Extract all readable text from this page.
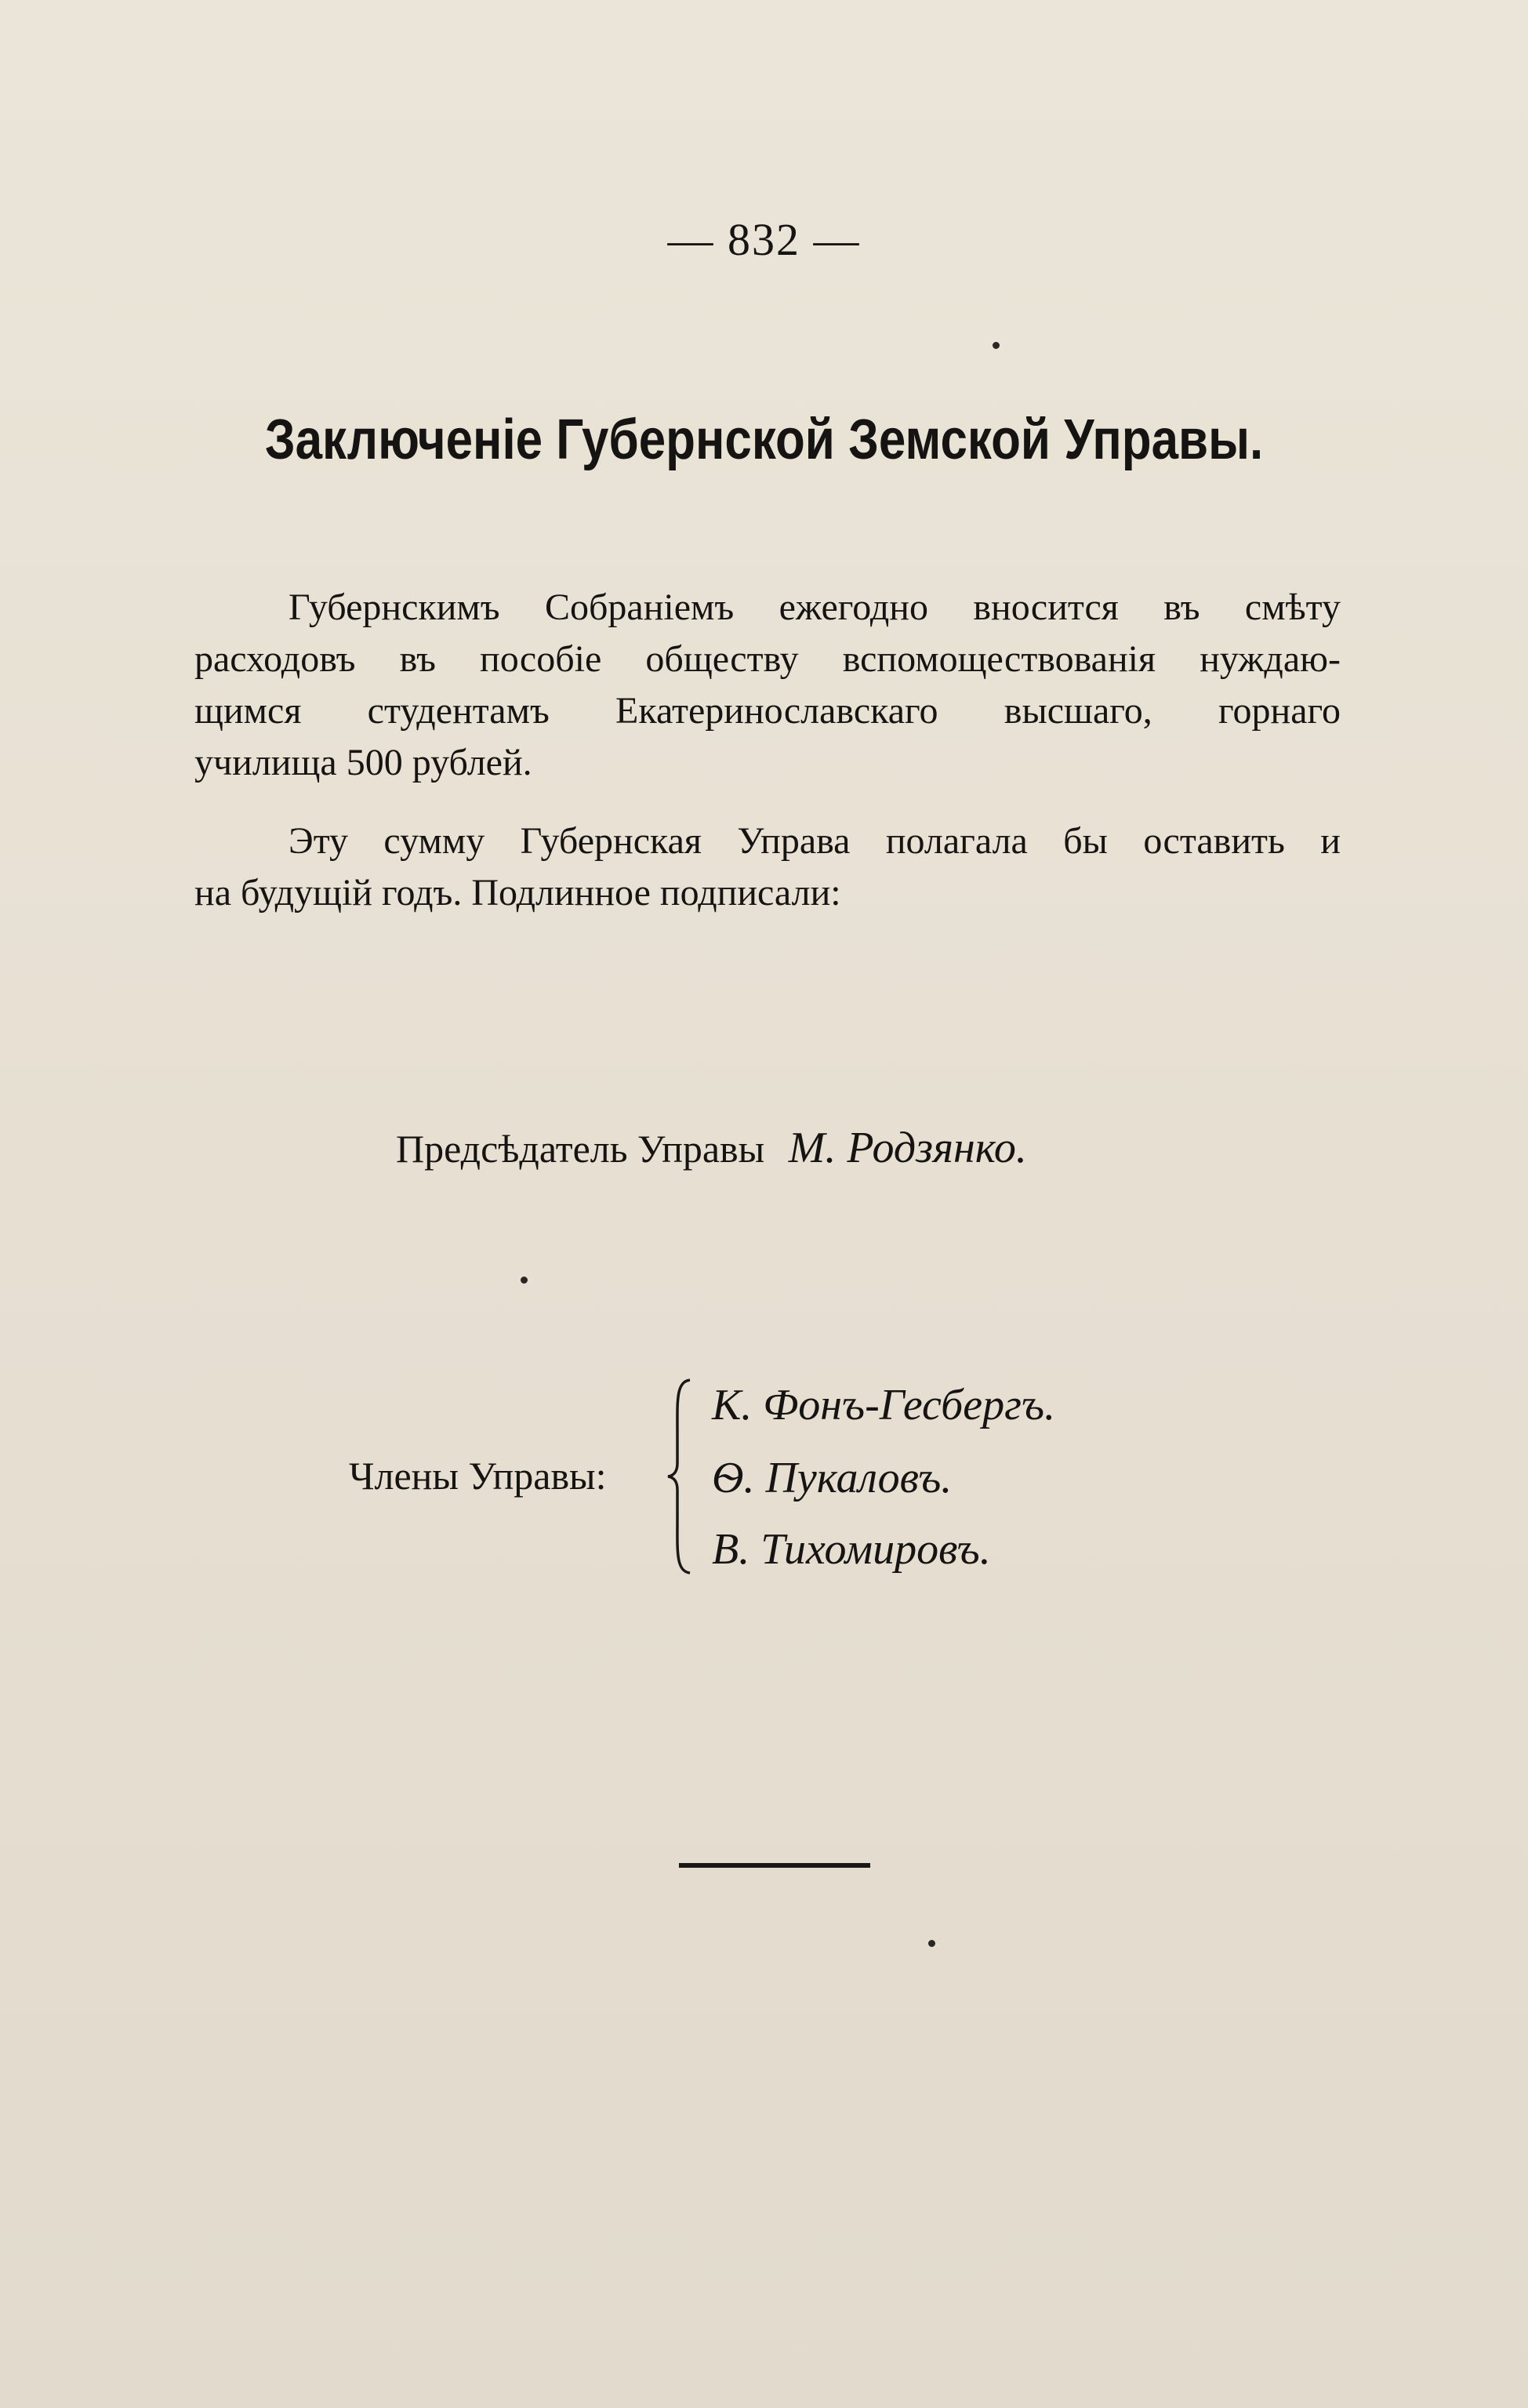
— 832 —
Заключеніе Губернской Земской Управы.
Губернскимъ Собраніемъ ежегодно вносится въ смѣту
расходовъ въ пособіе обществу вспомоществованія нуждаю-
щимся студентамъ Екатеринославскаго высшаго, горнаго
училища 500 рублей.
Эту сумму Губернская Управа полагала бы оставить и
на будущій годъ. Подлинное подписали:
Предсѣдатель Управы М. Родзянко.
Члены Управы:
К. Фонъ-Гесбергъ.
Ѳ. Пукаловъ.
В. Тихомировъ.
